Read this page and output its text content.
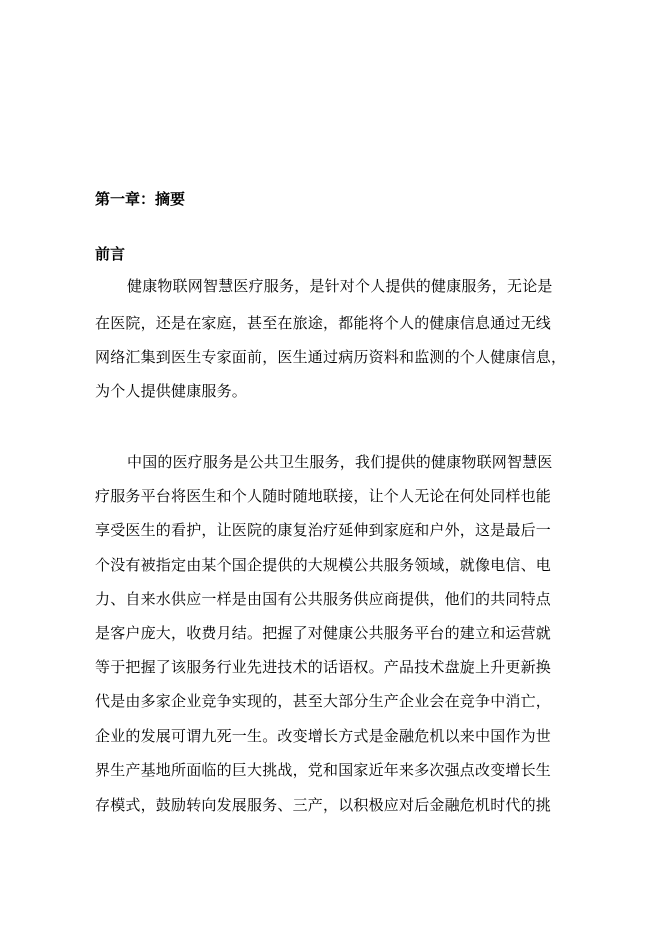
第一章：摘要
前言
健康物联网智慧医疗服务，是针对个人提供的健康服务，无论是
在医院，还是在家庭，甚至在旅途，都能将个人的健康信息通过无线
网络汇集到医生专家面前，医生通过病历资料和监测的个人健康信息，
为个人提供健康服务。
中国的医疗服务是公共卫生服务，我们提供的健康物联网智慧医
疗服务平台将医生和个人随时随地联接，让个人无论在何处同样也能
享受医生的看护，让医院的康复治疗延伸到家庭和户外，这是最后一
个没有被指定由某个国企提供的大规模公共服务领域，就像电信、电
力、自来水供应一样是由国有公共服务供应商提供，他们的共同特点
是客户庞大，收费月结。把握了对健康公共服务平台的建立和运营就
等于把握了该服务行业先进技术的话语权。产品技术盘旋上升更新换
代是由多家企业竞争实现的，甚至大部分生产企业会在竞争中消亡，
企业的发展可谓九死一生。改变增长方式是金融危机以来中国作为世
界生产基地所面临的巨大挑战，党和国家近年来多次强点改变增长生
存模式，鼓励转向发展服务、三产，以积极应对后金融危机时代的挑
